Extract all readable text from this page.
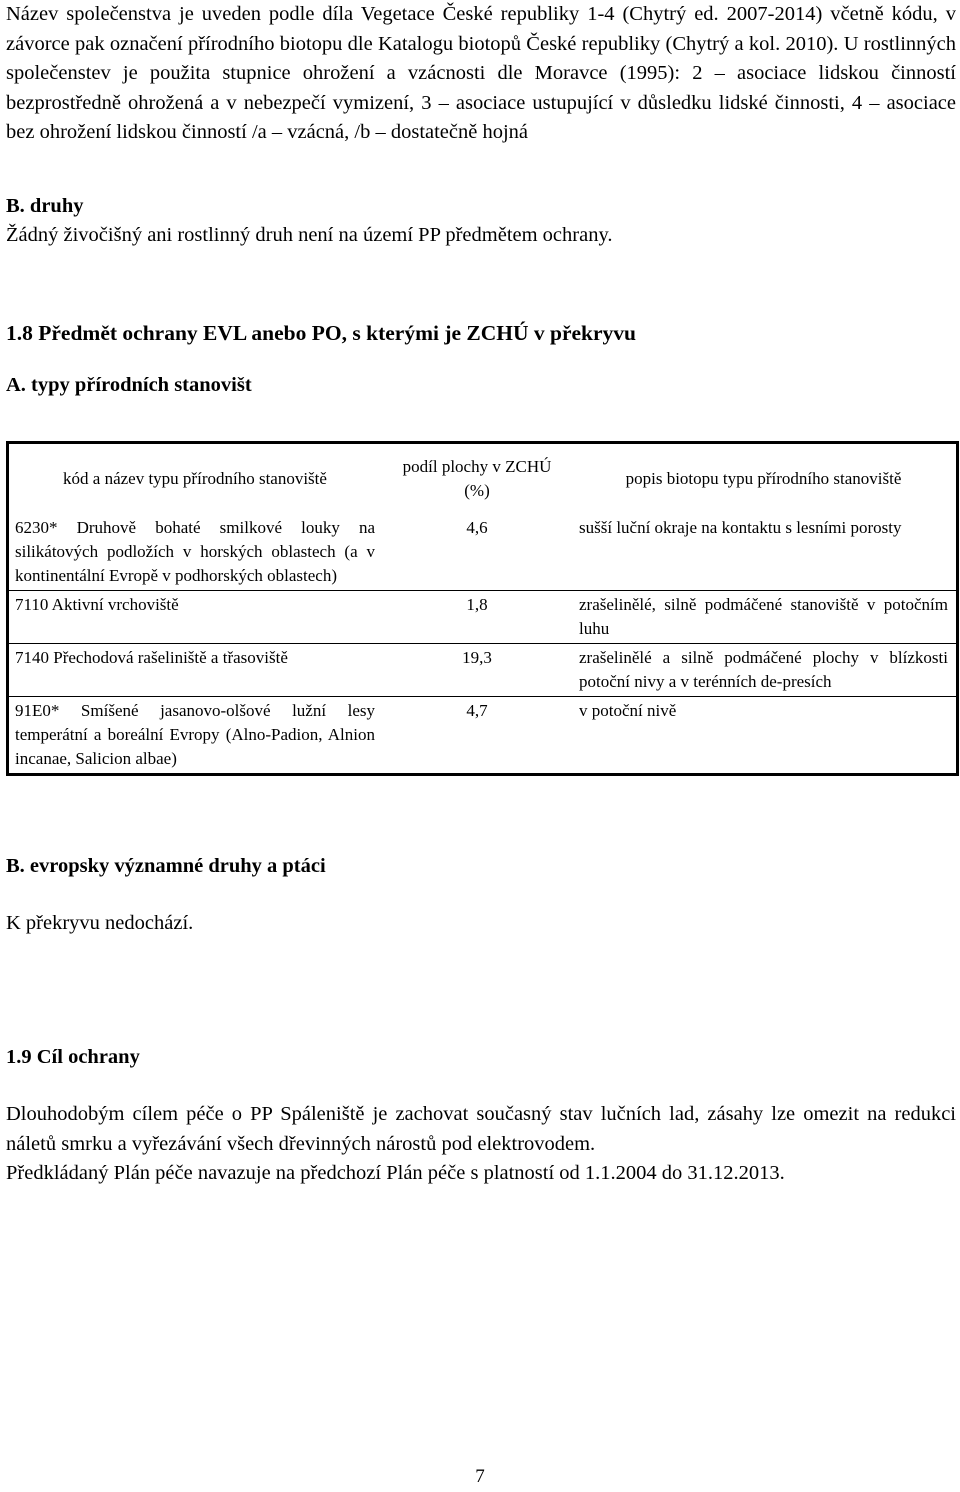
Název společenstva je uveden podle díla Vegetace České republiky 1-4 (Chytrý ed. 2007-2014) včetně kódu, v závorce pak označení přírodního biotopu dle Katalogu biotopů České republiky (Chytrý a kol. 2010). U rostlinných společenstev je použita stupnice ohrožení a vzácnosti dle Moravce (1995): 2 – asociace lidskou činností bezprostředně ohrožená a v nebezpečí vymizení, 3 – asociace ustupující v důsledku lidské činnosti, 4 – asociace bez ohrožení lidskou činností /a – vzácná, /b – dostatečně hojná

B. druhy

Žádný živočišný ani rostlinný druh není na území PP předmětem ochrany.

1.8 Předmět ochrany EVL anebo PO, s kterými je ZCHÚ v překryvu

A. typy přírodních stanovišt

kód a název typu přírodního stanoviště	podíl plochy v ZCHÚ (%)	popis biotopu typu přírodního stanoviště
6230* Druhově bohaté smilkové louky na silikátových podložích v horských oblastech (a v kontinentální Evropě v podhorských oblastech)	4,6	sušší luční okraje na kontaktu s lesními porosty
7110 Aktivní vrchoviště	1,8	zrašelinělé, silně podmáčené stanoviště v potočním luhu
7140 Přechodová rašeliniště a třasoviště	19,3	zrašelinělé a silně podmáčené plochy v blízkosti potoční nivy a v terénních de-presích
91E0* Smíšené jasanovo-olšové lužní lesy temperátní a boreální Evropy (Alno-Padion, Alnion incanae, Salicion albae)	4,7	v potoční nivě

B. evropsky významné druhy a ptáci

K překryvu nedochází.

1.9 Cíl ochrany

Dlouhodobým cílem péče o PP Spáleniště je zachovat současný stav lučních lad, zásahy lze omezit na redukci náletů smrku a vyřezávání všech dřevinných nárostů pod elektrovodem.

Předkládaný Plán péče navazuje na předchozí Plán péče s platností od 1.1.2004 do 31.12.2013.

7
